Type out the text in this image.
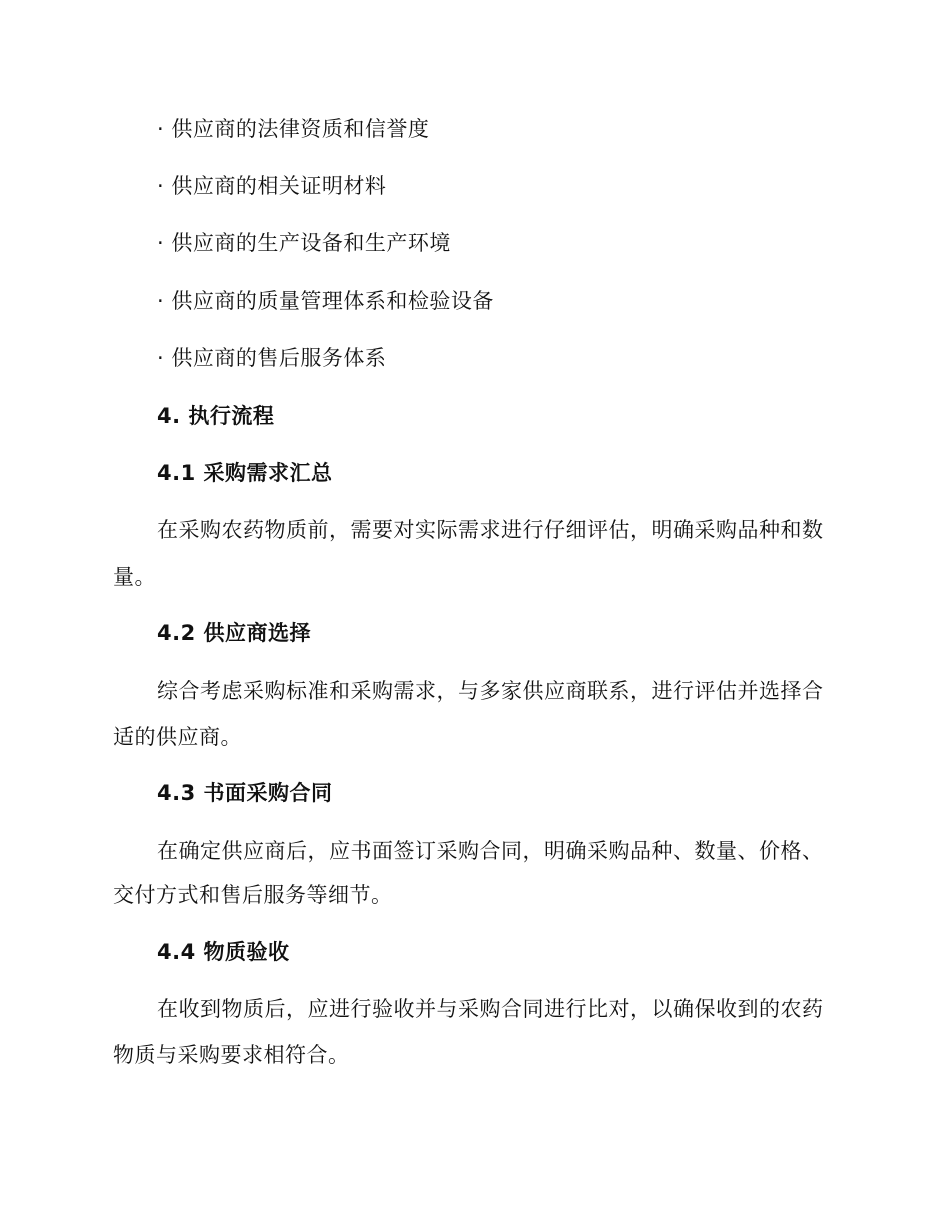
· 供应商的法律资质和信誉度
· 供应商的相关证明材料
· 供应商的生产设备和生产环境
· 供应商的质量管理体系和检验设备
· 供应商的售后服务体系
4. 执行流程
4.1 采购需求汇总
在采购农药物质前，需要对实际需求进行仔细评估，明确采购品种和数
量。
4.2 供应商选择
综合考虑采购标准和采购需求，与多家供应商联系，进行评估并选择合
适的供应商。
4.3 书面采购合同
在确定供应商后，应书面签订采购合同，明确采购品种、数量、价格、
交付方式和售后服务等细节。
4.4 物质验收
在收到物质后，应进行验收并与采购合同进行比对，以确保收到的农药
物质与采购要求相符合。
